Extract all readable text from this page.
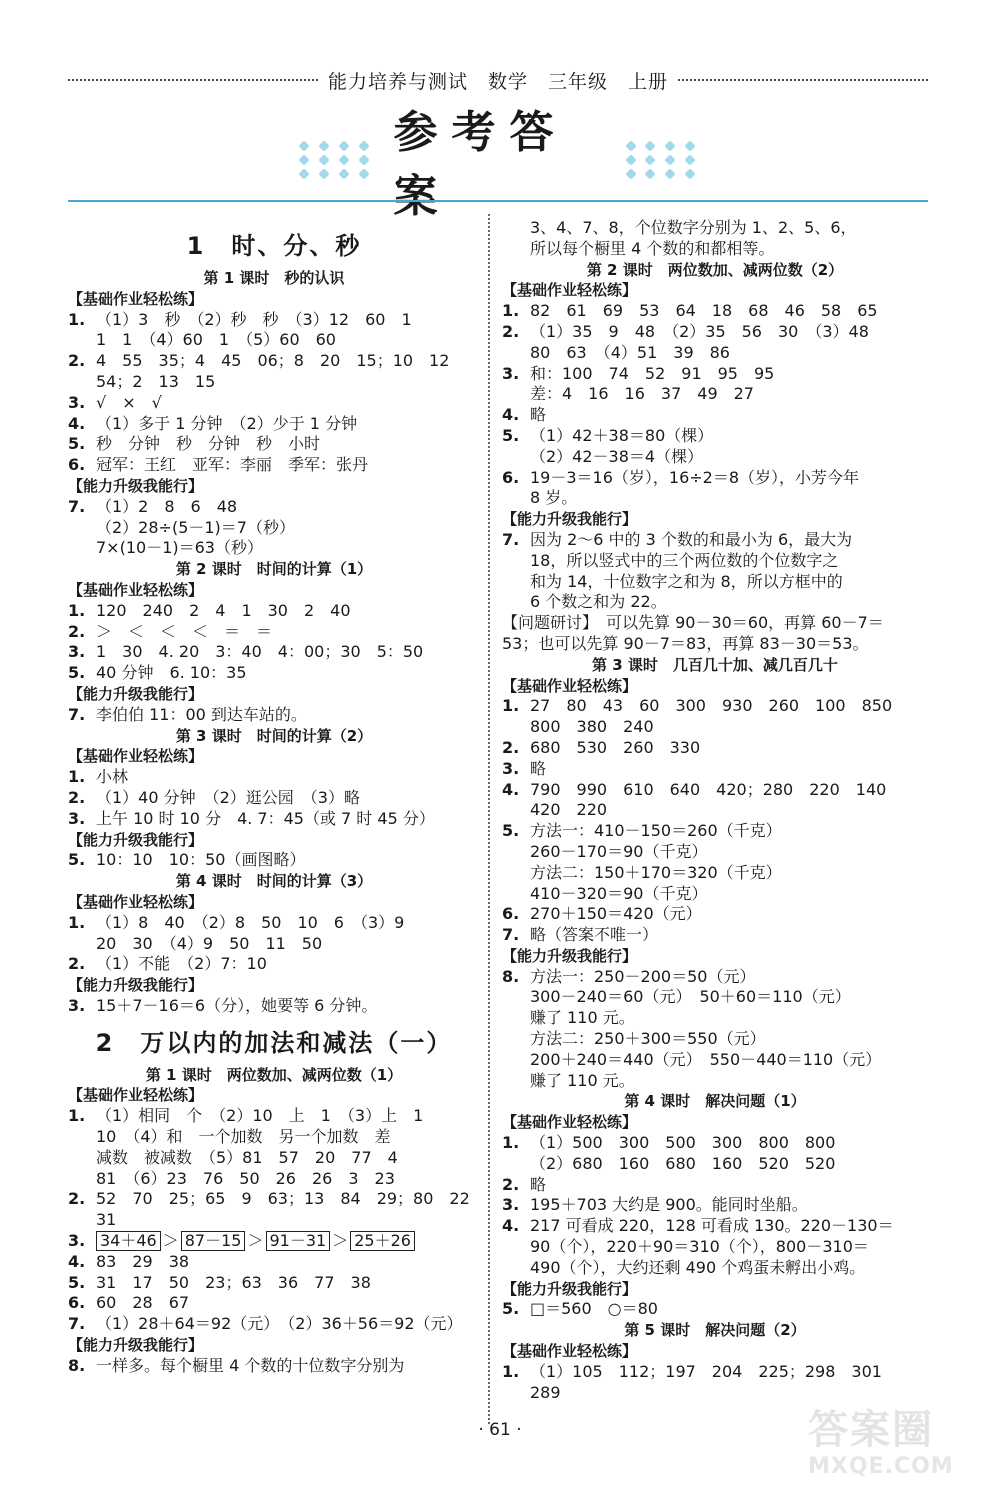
能力培养与测试　数学　三年级　上册
参考答案
1　时、分、秒
第 1 课时　秒的认识
【基础作业轻松练】
1. （1）3　秒　（2）秒　秒　（3）12　60　1
1　1　（4）60　1　（5）60　60
2. 4　55　35；4　45　06；8　20　15；10　12
54；2　13　15
3. √　×　√
4. （1）多于 1 分钟　（2）少于 1 分钟
5. 秒　分钟　秒　分钟　秒　小时
6. 冠军：王红　亚军：李丽　季军：张丹
【能力升级我能行】
7. （1）2　8　6　48
（2）28÷(5－1)＝7（秒）
7×(10－1)＝63（秒）
第 2 课时　时间的计算（1）
【基础作业轻松练】
1. 120　240　2　4　1　30　2　40
2. ＞　＜　＜　＜　＝　＝
3. 1　30　4. 20　3：40　4：00；30　5：50
5. 40 分钟　6. 10：35
【能力升级我能行】
7. 李伯伯 11：00 到达车站的。
第 3 课时　时间的计算（2）
【基础作业轻松练】
1. 小林
2. （1）40 分钟　（2）逛公园　（3）略
3. 上午 10 时 10 分　4. 7：45（或 7 时 45 分）
【能力升级我能行】
5. 10：10　10：50（画图略）
第 4 课时　时间的计算（3）
【基础作业轻松练】
1. （1）8　40　（2）8　50　10　6　（3）9
20　30　（4）9　50　11　50
2. （1）不能　（2）7：10
【能力升级我能行】
3. 15＋7－16＝6（分），她要等 6 分钟。
2　万以内的加法和减法（一）
第 1 课时　两位数加、减两位数（1）
【基础作业轻松练】
1. （1）相同　个　（2）10　上　1　（3）上　1
10　（4）和　一个加数　另一个加数　差
减数　被减数　（5）81　57　20　77　4
81　（6）23　76　50　26　26　3　23
2. 52　70　25；65　9　63；13　84　29；80　22
31
3. 34＋46 ＞ 87－15 ＞ 91－31 ＞ 25＋26
4. 83　29　38
5. 31　17　50　23；63　36　77　38
6. 60　28　67
7. （1）28＋64＝92（元）　（2）36＋56＝92（元）
【能力升级我能行】
8. 一样多。每个橱里 4 个数的十位数字分别为
3、4、7、8，个位数字分别为 1、2、5、6，
所以每个橱里 4 个数的和都相等。
第 2 课时　两位数加、减两位数（2）
【基础作业轻松练】
1. 82　61　69　53　64　18　68　46　58　65
2. （1）35　9　48　（2）35　56　30　（3）48
80　63　（4）51　39　86
3. 和：100　74　52　91　95　95
差：4　16　16　37　49　27
4. 略
5. （1）42＋38＝80（棵）
（2）42－38＝4（棵）
6. 19－3＝16（岁），16÷2＝8（岁），小芳今年
8 岁。
【能力升级我能行】
7. 因为 2～6 中的 3 个数的和最小为 6，最大为
18，所以竖式中的三个两位数的个位数字之
和为 14，十位数字之和为 8，所以方框中的
6 个数之和为 22。
【问题研讨】　可以先算 90－30＝60，再算 60－7＝
53；也可以先算 90－7＝83，再算 83－30＝53。
第 3 课时　几百几十加、减几百几十
【基础作业轻松练】
1. 27　80　43　60　300　930　260　100　850
800　380　240
2. 680　530　260　330
3. 略
4. 790　990　610　640　420；280　220　140
420　220
5. 方法一：410－150＝260（千克）
260－170＝90（千克）
方法二：150＋170＝320（千克）
410－320＝90（千克）
6. 270＋150＝420（元）
7. 略（答案不唯一）
【能力升级我能行】
8. 方法一：250－200＝50（元）
300－240＝60（元）　50＋60＝110（元）
赚了 110 元。
方法二：250＋300＝550（元）
200＋240＝440（元）　550－440＝110（元）
赚了 110 元。
第 4 课时　解决问题（1）
【基础作业轻松练】
1. （1）500　300　500　300　800　800
（2）680　160　680　160　520　520
2. 略
3. 195＋703 大约是 900。能同时坐船。
4. 217 可看成 220，128 可看成 130。220－130＝
90（个），220＋90＝310（个），800－310＝
490（个），大约还剩 490 个鸡蛋未孵出小鸡。
【能力升级我能行】
5. □＝560　○＝80
第 5 课时　解决问题（2）
【基础作业轻松练】
1. （1）105　112；197　204　225；298　301
289
· 61 ·	答案圈
MXQE.COM
